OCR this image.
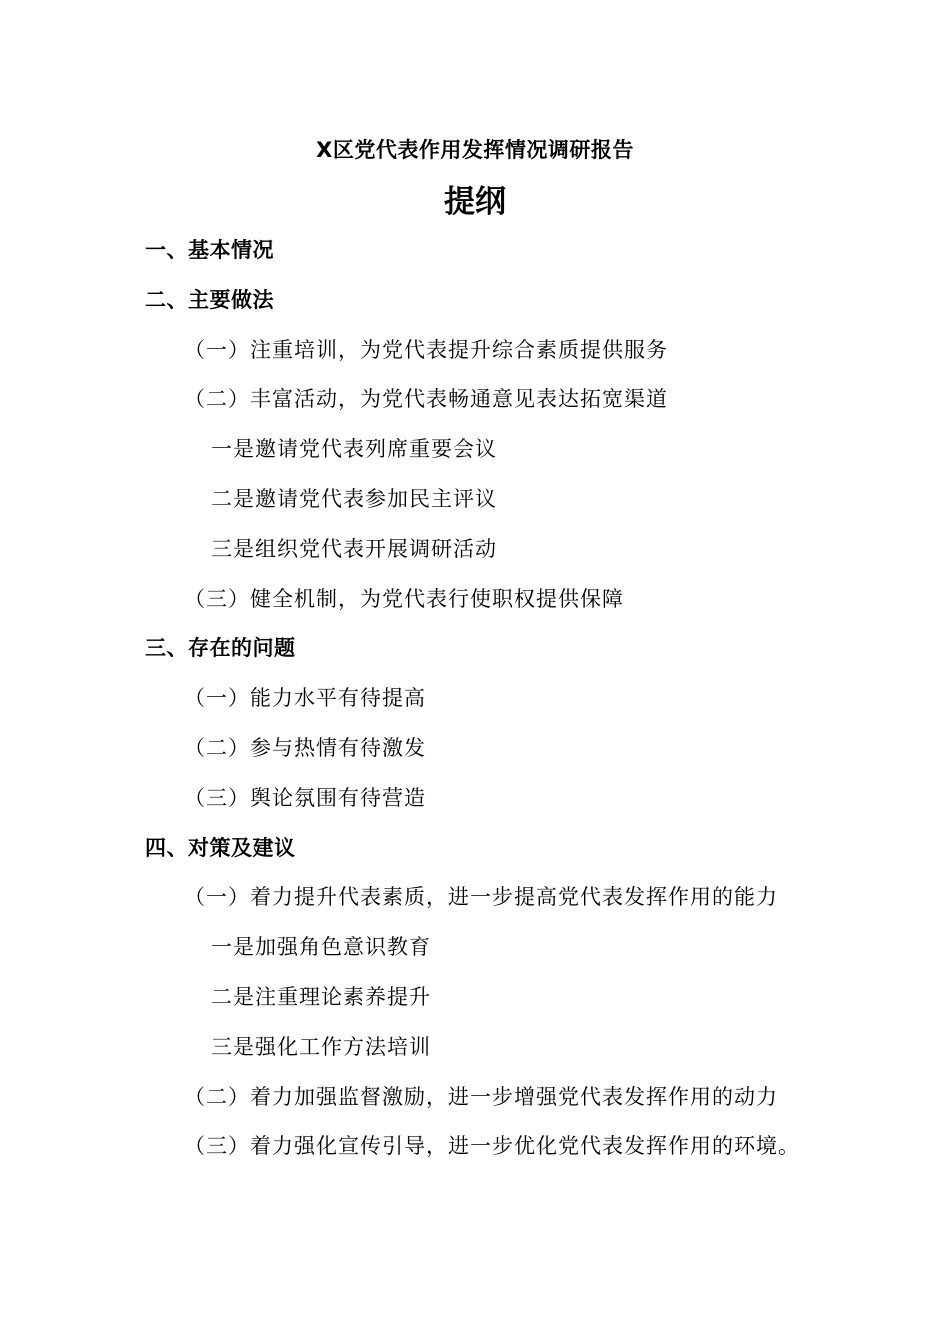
X区党代表作用发挥情况调研报告
提纲
一、基本情况
二、主要做法
（一）注重培训，为党代表提升综合素质提供服务
（二）丰富活动，为党代表畅通意见表达拓宽渠道
一是邀请党代表列席重要会议
二是邀请党代表参加民主评议
三是组织党代表开展调研活动
（三）健全机制，为党代表行使职权提供保障
三、存在的问题
（一）能力水平有待提高
（二）参与热情有待激发
（三）舆论氛围有待营造
四、对策及建议
（一）着力提升代表素质，进一步提高党代表发挥作用的能力
一是加强角色意识教育
二是注重理论素养提升
三是强化工作方法培训
（二）着力加强监督激励，进一步增强党代表发挥作用的动力
（三）着力强化宣传引导，进一步优化党代表发挥作用的环境。
